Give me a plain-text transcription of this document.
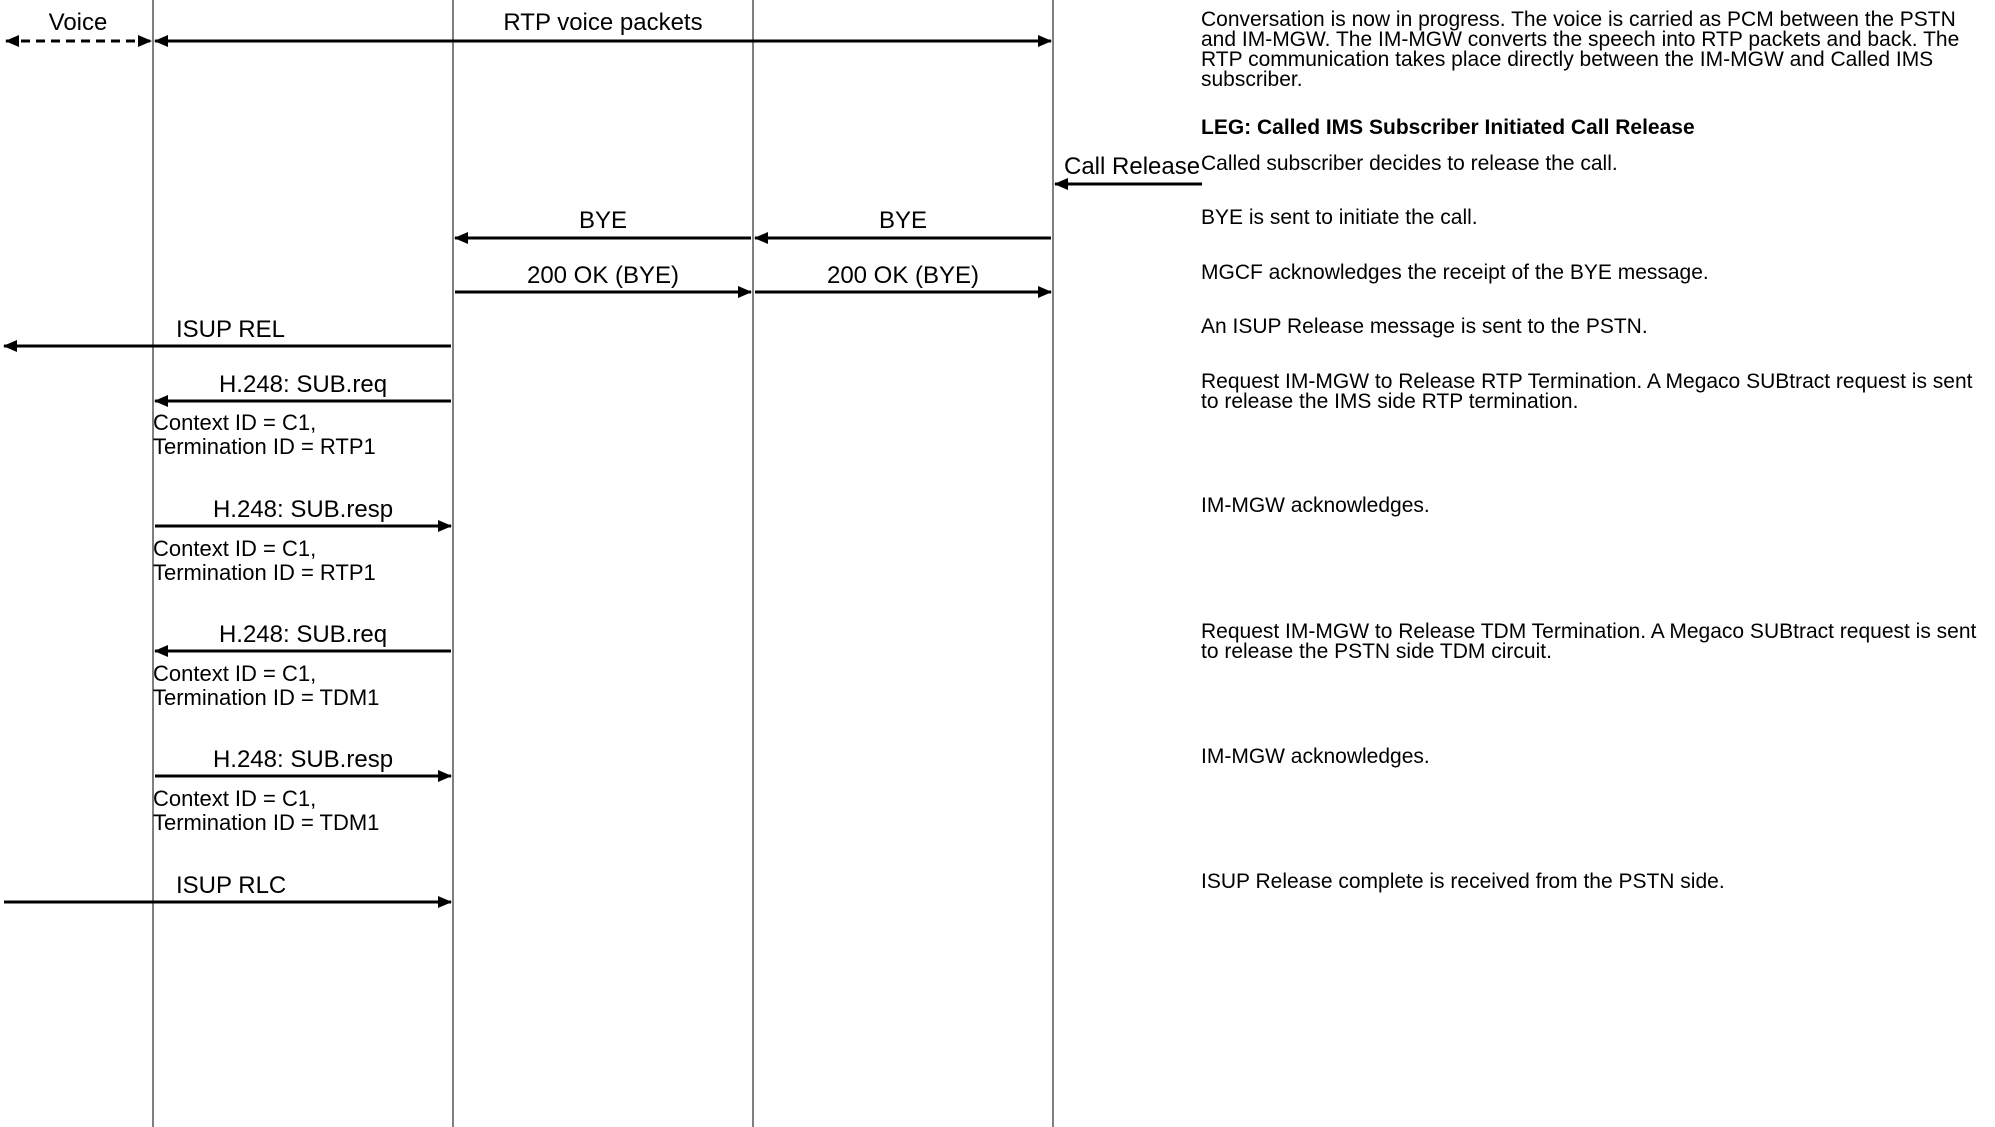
Voice	RTP voice packets
Call Release
BYE	BYE
200 OK (BYE)	200 OK (BYE)
ISUP REL
H.248: SUB.req
H.248: SUB.resp
H.248: SUB.req
H.248: SUB.resp
ISUP RLC
Context ID = C1,
Termination ID = RTP1
Context ID = C1,
Termination ID = RTP1
Context ID = C1,
Termination ID = TDM1
Context ID = C1,
Termination ID = TDM1
Conversation is now in progress. The voice is carried as PCM between the PSTN and IM-MGW. The IM-MGW converts the speech into RTP packets and back. The RTP communication takes place directly between the IM-MGW and Called IMS subscriber.
LEG: Called IMS Subscriber Initiated Call Release
Called subscriber decides to release the call.
BYE is sent to initiate the call.
MGCF acknowledges the receipt of the BYE message.
An ISUP Release message is sent to the PSTN.
Request IM-MGW to Release RTP Termination. A Megaco SUBtract request is sent to release the IMS side RTP termination.
IM-MGW acknowledges.
Request IM-MGW to Release TDM Termination. A Megaco SUBtract request is sent to release the PSTN side TDM circuit.
IM-MGW acknowledges.
ISUP Release complete is received from the PSTN side.
